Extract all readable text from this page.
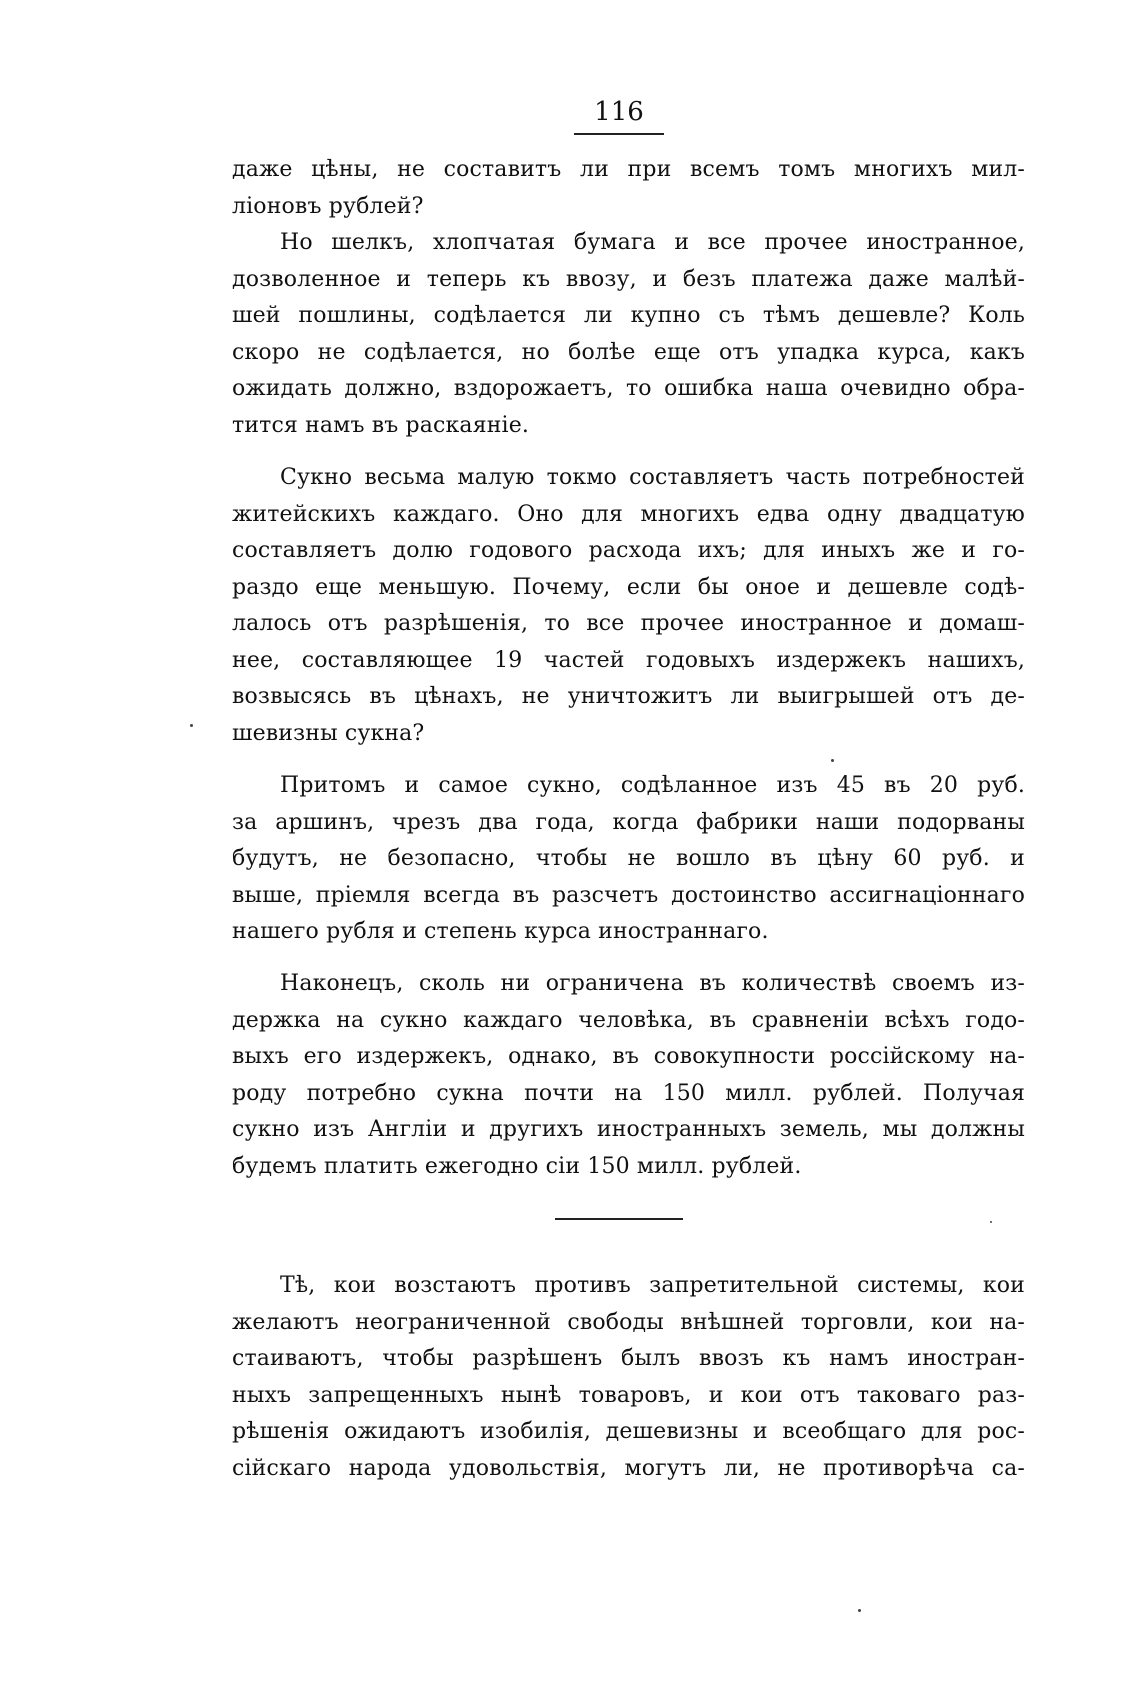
116
даже цѣны, не составитъ ли при всемъ томъ многихъ мил-
ліоновъ рублей?
Но шелкъ, хлопчатая бумага и все прочее иностранное,
дозволенное и теперь къ ввозу, и безъ платежа даже малѣй-
шей пошлины, содѣлается ли купно съ тѣмъ дешевле? Коль
скоро не содѣлается, но болѣе еще отъ упадка курса, какъ
ожидать должно, вздорожаетъ, то ошибка наша очевидно обра-
тится намъ въ раскаяніе.
Сукно весьма малую токмо составляетъ часть потребностей
житейскихъ каждаго. Оно для многихъ едва одну двадцатую
составляетъ долю годового расхода ихъ; для иныхъ же и го-
раздо еще меньшую. Почему, если бы оное и дешевле содѣ-
лалось отъ разрѣшенія, то все прочее иностранное и домаш-
нее, составляющее 19 частей годовыхъ издержекъ нашихъ,
возвысясь въ цѣнахъ, не уничтожитъ ли выигрышей отъ де-
шевизны сукна?
Притомъ и самое сукно, содѣланное изъ 45 въ 20 руб.
за аршинъ, чрезъ два года, когда фабрики наши подорваны
будутъ, не безопасно, чтобы не вошло въ цѣну 60 руб. и
выше, пріемля всегда въ разсчетъ достоинство ассигнаціоннаго
нашего рубля и степень курса иностраннаго.
Наконецъ, сколь ни ограничена въ количествѣ своемъ из-
держка на сукно каждаго человѣка, въ сравненіи всѣхъ годо-
выхъ его издержекъ, однако, въ совокупности россійскому на-
роду потребно сукна почти на 150 милл. рублей. Получая
сукно изъ Англіи и другихъ иностранныхъ земель, мы должны
будемъ платить ежегодно сіи 150 милл. рублей.
Тѣ, кои возстаютъ противъ запретительной системы, кои
желаютъ неограниченной свободы внѣшней торговли, кои на-
стаиваютъ, чтобы разрѣшенъ былъ ввозъ къ намъ иностран-
ныхъ запрещенныхъ нынѣ товаровъ, и кои отъ таковаго раз-
рѣшенія ожидаютъ изобилія, дешевизны и всеобщаго для рос-
сійскаго народа удовольствія, могутъ ли, не противорѣча са-
